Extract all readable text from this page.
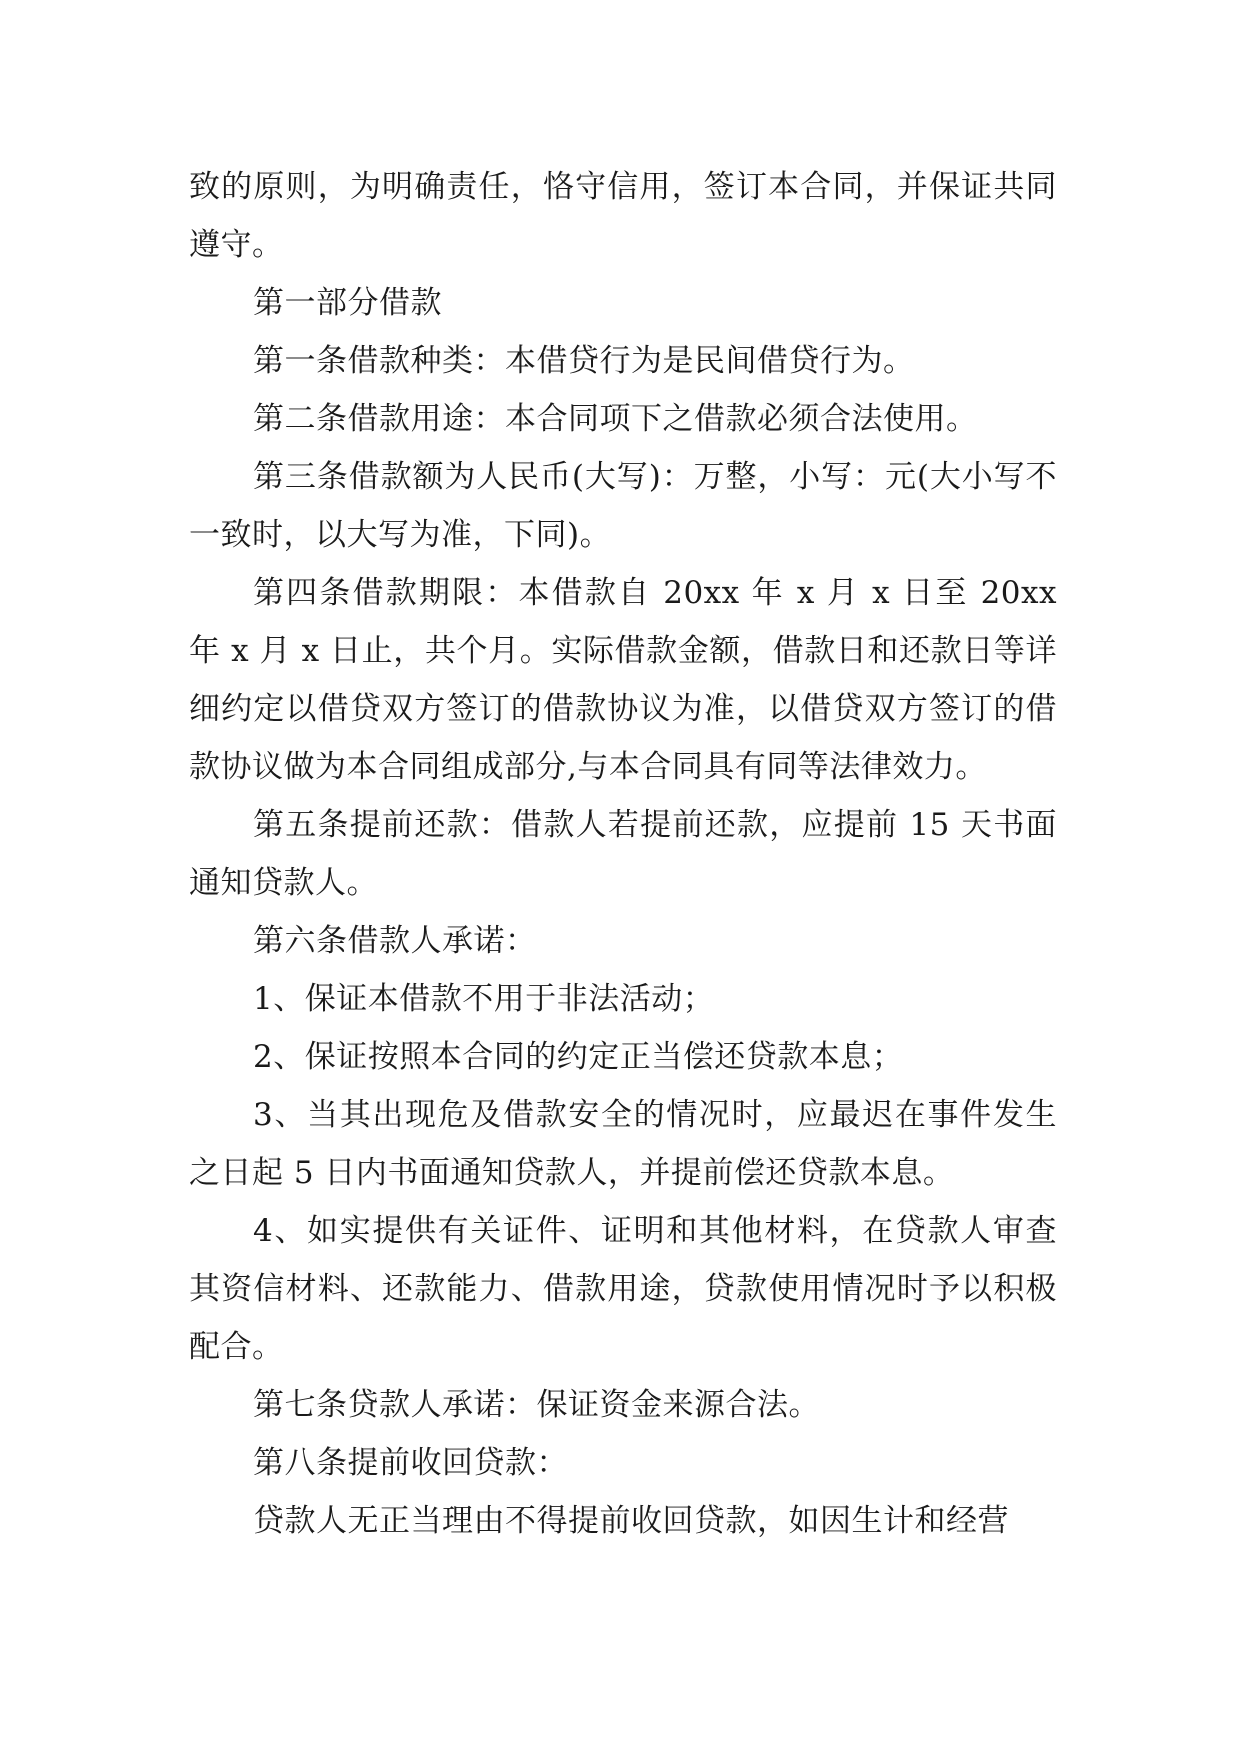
致的原则，为明确责任，恪守信用，签订本合同，并保证共同遵守。

第一部分借款

第一条借款种类：本借贷行为是民间借贷行为。

第二条借款用途：本合同项下之借款必须合法使用。

第三条借款额为人民币(大写)：万整，小写：元(大小写不一致时，以大写为准，下同)。

第四条借款期限：本借款自 20xx 年 x 月 x 日至 20xx 年 x 月 x 日止，共个月。实际借款金额，借款日和还款日等详细约定以借贷双方签订的借款协议为准，以借贷双方签订的借款协议做为本合同组成部分,与本合同具有同等法律效力。

第五条提前还款：借款人若提前还款，应提前 15 天书面通知贷款人。

第六条借款人承诺：

1、保证本借款不用于非法活动；

2、保证按照本合同的约定正当偿还贷款本息；

3、当其出现危及借款安全的情况时，应最迟在事件发生之日起 5 日内书面通知贷款人，并提前偿还贷款本息。

4、如实提供有关证件、证明和其他材料，在贷款人审查其资信材料、还款能力、借款用途，贷款使用情况时予以积极配合。

第七条贷款人承诺：保证资金来源合法。

第八条提前收回贷款：

贷款人无正当理由不得提前收回贷款，如因生计和经营
